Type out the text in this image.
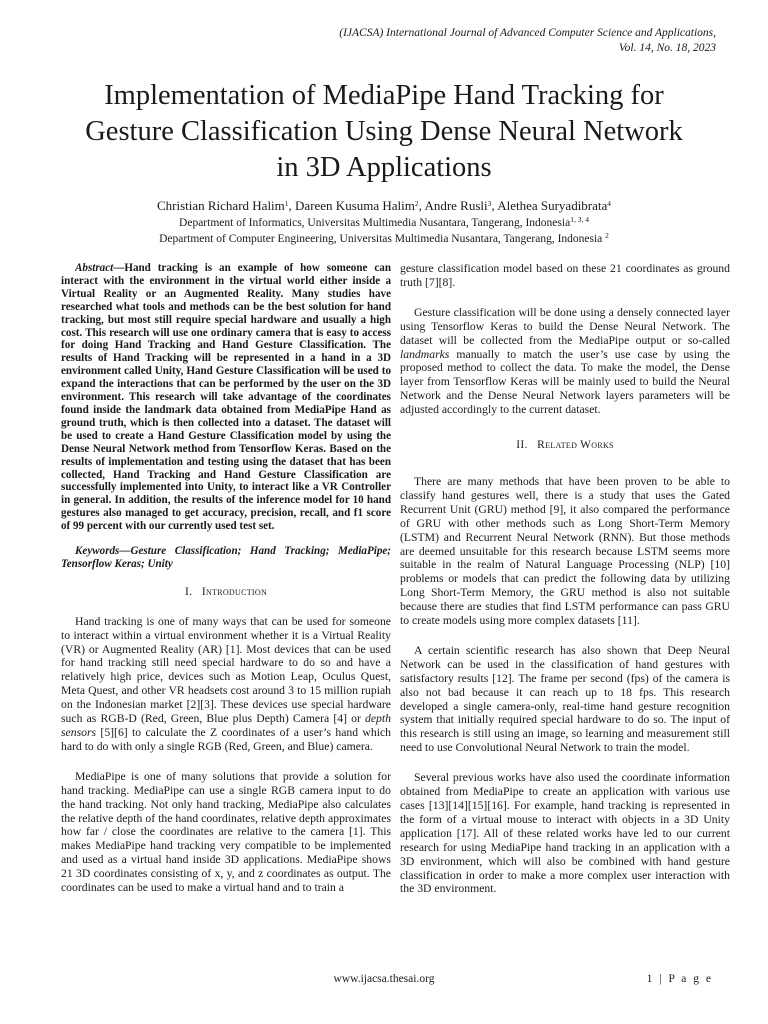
(IJACSA) International Journal of Advanced Computer Science and Applications,
Vol. 14, No. 18, 2023
Implementation of MediaPipe Hand Tracking for
Gesture Classification Using Dense Neural Network
in 3D Applications
Christian Richard Halim$^1$, Dareen Kusuma Halim$^2$, Andre Rusli$^3$, Alethea Suryadibrata$^4$
Department of Informatics, Universitas Multimedia Nusantara, Tangerang, Indonesia$^{1, 3, 4}$
Department of Computer Engineering, Universitas Multimedia Nusantara, Tangerang, Indonesia $^2$

Abstract—Hand tracking is an example of how someone can interact with the environment in the virtual world either inside a Virtual Reality or an Augmented Reality. Many studies have researched what tools and methods can be the best solution for hand tracking, but most still require special hardware and usually a high cost. This research will use one ordinary camera that is easy to access for doing Hand Tracking and Hand Gesture Classification. The results of Hand Tracking will be represented in a hand in a 3D environment called Unity, Hand Gesture Classification will be used to expand the interactions that can be performed by the user on the 3D environment. This research will take advantage of the coordinates found inside the landmark data obtained from MediaPipe Hand as ground truth, which is then collected into a dataset. The dataset will be used to create a Hand Gesture Classification model by using the Dense Neural Network method from Tensorflow Keras. Based on the results of implementation and testing using the dataset that has been collected, Hand Tracking and Hand Gesture Classification are successfully implemented into Unity, to interact like a VR Controller in general. In addition, the results of the inference model for 10 hand gestures also managed to get accuracy, precision, recall, and f1 score of 99 percent with our currently used test set.

Keywords—Gesture Classification; Hand Tracking; MediaPipe; Tensorflow Keras; Unity

I. Introduction

Hand tracking is one of many ways that can be used for someone to interact within a virtual environment whether it is a Virtual Reality (VR) or Augmented Reality (AR) [1]. Most devices that can be used for hand tracking still need special hardware to do so and have a relatively high price, devices such as Motion Leap, Oculus Quest, Meta Quest, and other VR headsets cost around 3 to 15 million rupiah on the Indonesian market [2][3]. These devices use special hardware such as RGB-D (Red, Green, Blue plus Depth) Camera [4] or depth sensors [5][6] to calculate the Z coordinates of a user’s hand which hard to do with only a single RGB (Red, Green, and Blue) camera.

MediaPipe is one of many solutions that provide a solution for hand tracking. MediaPipe can use a single RGB camera input to do the hand tracking. Not only hand tracking, MediaPipe also calculates the relative depth of the hand coordinates, relative depth approximates how far / close the coordinates are relative to the camera [1]. This makes MediaPipe hand tracking very compatible to be implemented and used as a virtual hand inside 3D applications. MediaPipe shows 21 3D coordinates consisting of x, y, and z coordinates as output. The coordinates can be used to make a virtual hand and to train a

gesture classification model based on these 21 coordinates as ground truth [7][8].

Gesture classification will be done using a densely connected layer using Tensorflow Keras to build the Dense Neural Network. The dataset will be collected from the MediaPipe output or so-called landmarks manually to match the user’s use case by using the proposed method to collect the data. To make the model, the Dense layer from Tensorflow Keras will be mainly used to build the Neural Network and the Dense Neural Network layers parameters will be adjusted accordingly to the current dataset.

II. Related Works

There are many methods that have been proven to be able to classify hand gestures well, there is a study that uses the Gated Recurrent Unit (GRU) method [9], it also compared the performance of GRU with other methods such as Long Short-Term Memory (LSTM) and Recurrent Neural Network (RNN). But those methods are deemed unsuitable for this research because LSTM seems more suitable in the realm of Natural Language Processing (NLP) [10] problems or models that can predict the following data by utilizing Long Short-Term Memory, the GRU method is also not suitable because there are studies that find LSTM performance can pass GRU to create models using more complex datasets [11].

A certain scientific research has also shown that Deep Neural Network can be used in the classification of hand gestures with satisfactory results [12]. The frame per second (fps) of the camera is also not bad because it can reach up to 18 fps. This research developed a single camera-only, real-time hand gesture recognition system that initially required special hardware to do so. The input of this research is still using an image, so learning and measurement still need to use Convolutional Neural Network to train the model.

Several previous works have also used the coordinate information obtained from MediaPipe to create an application with various use cases [13][14][15][16]. For example, hand tracking is represented in the form of a virtual mouse to interact with objects in a 3D Unity application [17]. All of these related works have led to our current research for using MediaPipe hand tracking in an application with a 3D environment, which will also be combined with hand gesture classification in order to make a more complex user interaction with the 3D environment.

www.ijacsa.thesai.org	1 | P a g e
